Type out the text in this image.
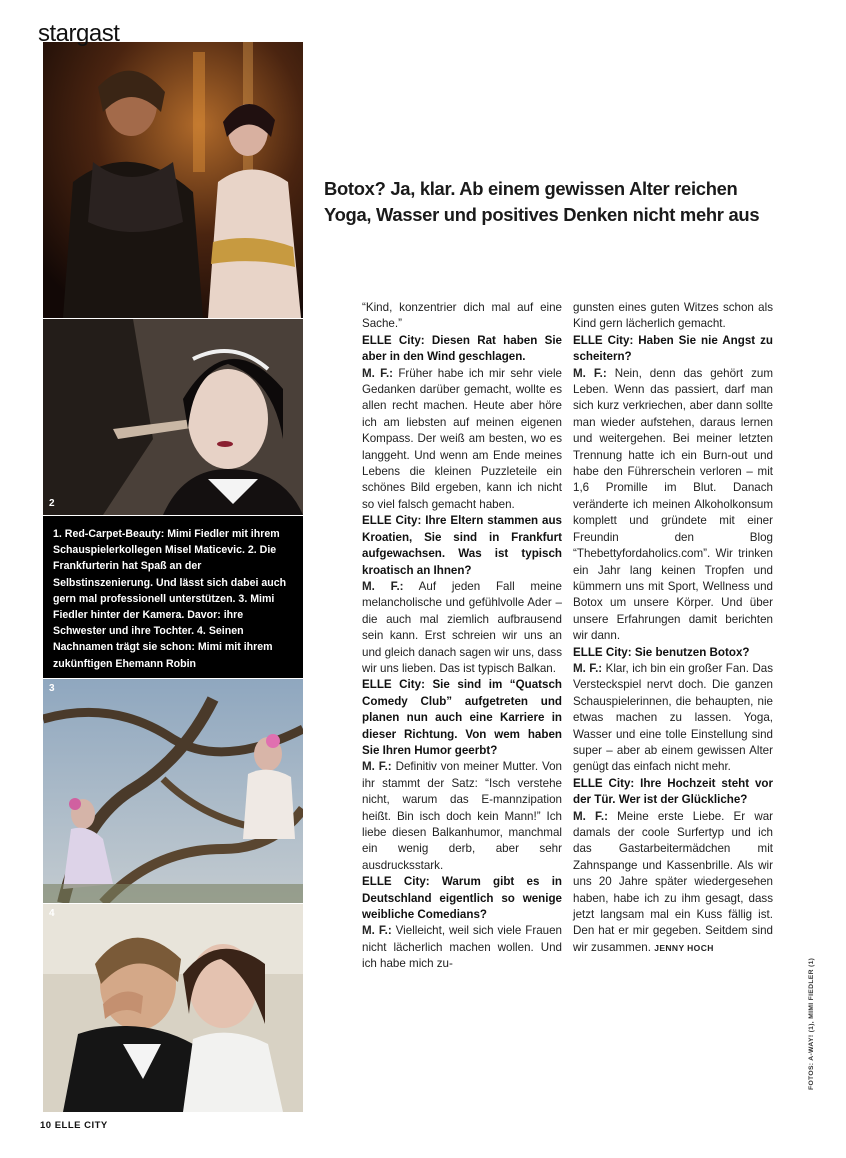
stargast
2
1. Red-Carpet-Beauty: Mimi Fiedler mit ihrem Schauspielerkollegen Misel Maticevic. 2. Die Frankfurterin hat Spaß an der Selbstinszenierung. Und lässt sich dabei auch gern mal professionell unterstützen. 3. Mimi Fiedler hinter der Kamera. Davor: ihre Schwester und ihre Tochter. 4. Seinen Nachnamen trägt sie schon: Mimi mit ihrem zukünftigen Ehemann Robin
3
4
10 ELLE CITY
Botox? Ja, klar. Ab einem gewissen Alter reichen Yoga, Wasser und positives Denken nicht mehr aus

“Kind, konzentrier dich mal auf eine Sache.”

ELLE City: Diesen Rat haben Sie aber in den Wind geschlagen.

M. F.: Früher habe ich mir sehr viele Gedanken darüber gemacht, wollte es allen recht machen. Heute aber höre ich am liebsten auf meinen eigenen Kompass. Der weiß am besten, wo es langgeht. Und wenn am Ende meines Lebens die kleinen Puzzleteile ein schönes Bild ergeben, kann ich nicht so viel falsch gemacht haben.

ELLE City: Ihre Eltern stammen aus Kroatien, Sie sind in Frankfurt aufgewachsen. Was ist typisch kroatisch an Ihnen?

M. F.: Auf jeden Fall meine melancholische und gefühlvolle Ader – die auch mal ziemlich aufbrausend sein kann. Erst schreien wir uns an und gleich danach sagen wir uns, dass wir uns lieben. Das ist typisch Balkan.

ELLE City: Sie sind im “Quatsch Comedy Club” aufgetreten und planen nun auch eine Karriere in dieser Richtung. Von wem haben Sie Ihren Humor geerbt?

M. F.: Definitiv von meiner Mutter. Von ihr stammt der Satz: “Isch verstehe nicht, warum das E-mannzipation heißt. Bin isch doch kein Mann!” Ich liebe diesen Balkanhumor, manchmal ein wenig derb, aber sehr ausdrucksstark.

ELLE City: Warum gibt es in Deutschland eigentlich so wenige weibliche Comedians?

M. F.: Vielleicht, weil sich viele Frauen nicht lächerlich machen wollen. Und ich habe mich zu-

gunsten eines guten Witzes schon als Kind gern lächerlich gemacht.

ELLE City: Haben Sie nie Angst zu scheitern?

M. F.: Nein, denn das gehört zum Leben. Wenn das passiert, darf man sich kurz verkriechen, aber dann sollte man wieder aufstehen, daraus lernen und weitergehen. Bei meiner letzten Trennung hatte ich ein Burn-out und habe den Führerschein verloren – mit 1,6 Promille im Blut. Danach veränderte ich meinen Alkoholkonsum komplett und gründete mit einer Freundin den Blog “Thebettyfordaholics.com”. Wir trinken ein Jahr lang keinen Tropfen und kümmern uns mit Sport, Wellness und Botox um unsere Körper. Und über unsere Erfahrungen damit berichten wir dann.

ELLE City: Sie benutzen Botox?

M. F.: Klar, ich bin ein großer Fan. Das Versteckspiel nervt doch. Die ganzen Schauspielerinnen, die behaupten, nie etwas machen zu lassen. Yoga, Wasser und eine tolle Einstellung sind super – aber ab einem gewissen Alter genügt das einfach nicht mehr.

ELLE City: Ihre Hochzeit steht vor der Tür. Wer ist der Glückliche?

M. F.: Meine erste Liebe. Er war damals der coole Surfertyp und ich das Gastarbeitermädchen mit Zahnspange und Kassenbrille. Als wir uns 20 Jahre später wiedergesehen haben, habe ich zu ihm gesagt, dass jetzt langsam mal ein Kuss fällig ist. Den hat er mir gegeben. Seitdem sind wir zusammen. JENNY HOCH

FOTOS: A-WAY! (1), MIMI FIEDLER (1)
